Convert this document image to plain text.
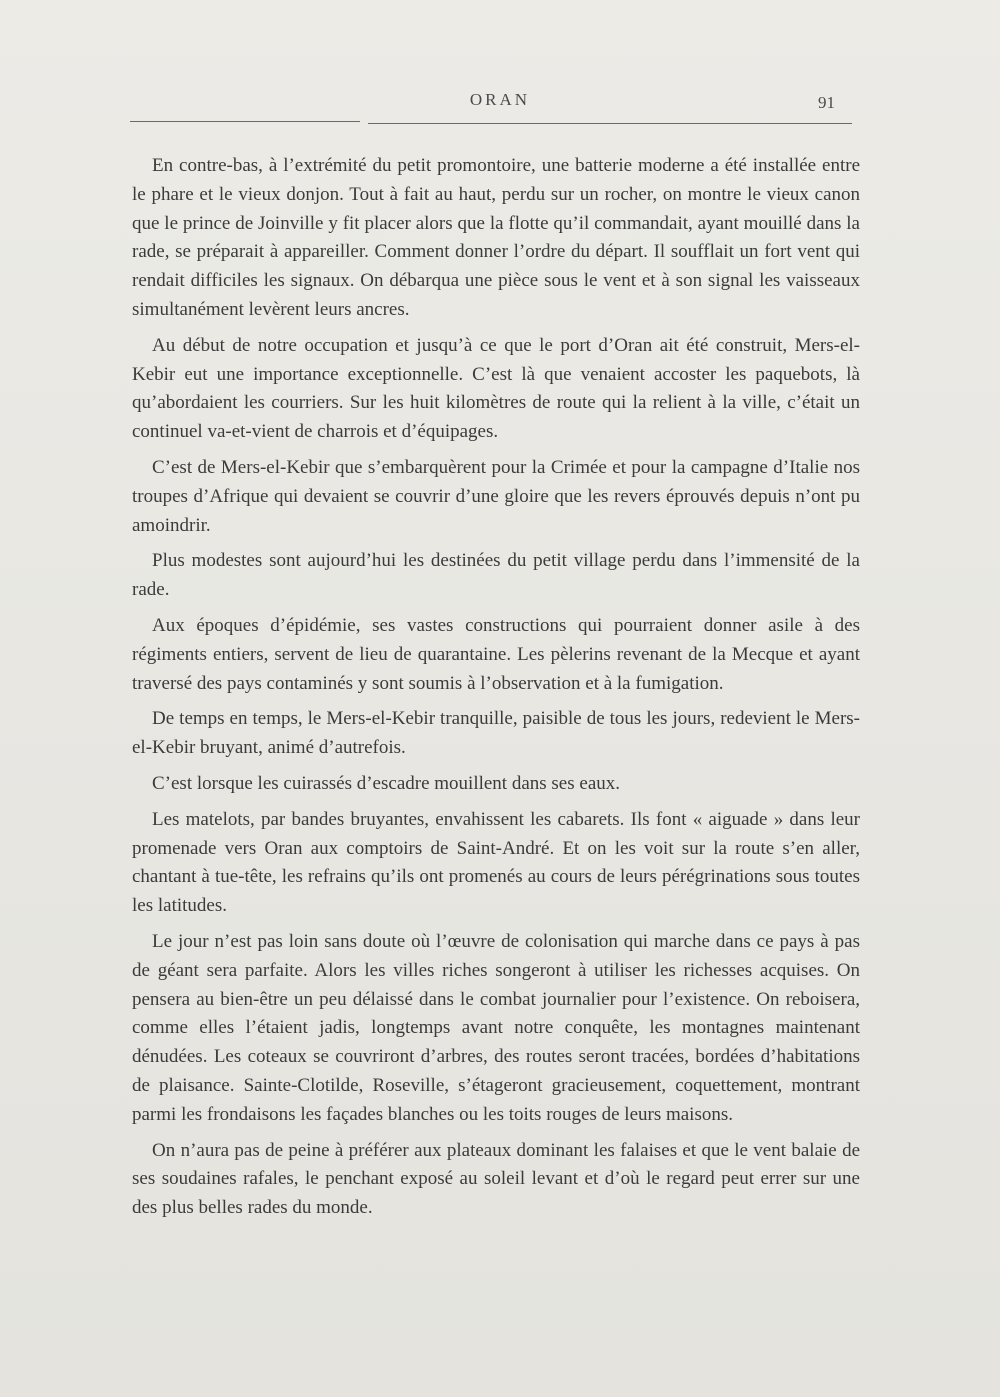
ORAN	91

En contre-bas, à l’extrémité du petit promontoire, une batterie moderne a été installée entre le phare et le vieux donjon. Tout à fait au haut, perdu sur un rocher, on montre le vieux canon que le prince de Joinville y fit placer alors que la flotte qu’il commandait, ayant mouillé dans la rade, se préparait à appareiller. Comment donner l’ordre du départ. Il soufflait un fort vent qui rendait difficiles les signaux. On débarqua une pièce sous le vent et à son signal les vaisseaux simultanément levèrent leurs ancres.

Au début de notre occupation et jusqu’à ce que le port d’Oran ait été construit, Mers-el-Kebir eut une importance exceptionnelle. C’est là que venaient accoster les paquebots, là qu’abordaient les courriers. Sur les huit kilomètres de route qui la relient à la ville, c’était un continuel va-et-vient de charrois et d’équipages.

C’est de Mers-el-Kebir que s’embarquèrent pour la Crimée et pour la campagne d’Italie nos troupes d’Afrique qui devaient se couvrir d’une gloire que les revers éprouvés depuis n’ont pu amoindrir.

Plus modestes sont aujourd’hui les destinées du petit village perdu dans l’immensité de la rade.

Aux époques d’épidémie, ses vastes constructions qui pourraient donner asile à des régiments entiers, servent de lieu de quarantaine. Les pèlerins revenant de la Mecque et ayant traversé des pays contaminés y sont soumis à l’observation et à la fumigation.

De temps en temps, le Mers-el-Kebir tranquille, paisible de tous les jours, redevient le Mers-el-Kebir bruyant, animé d’autrefois.

C’est lorsque les cuirassés d’escadre mouillent dans ses eaux.

Les matelots, par bandes bruyantes, envahissent les cabarets. Ils font « aiguade » dans leur promenade vers Oran aux comptoirs de Saint-André. Et on les voit sur la route s’en aller, chantant à tue-tête, les refrains qu’ils ont promenés au cours de leurs pérégrinations sous toutes les latitudes.

Le jour n’est pas loin sans doute où l’œuvre de colonisation qui marche dans ce pays à pas de géant sera parfaite. Alors les villes riches songeront à utiliser les richesses acquises. On pensera au bien-être un peu délaissé dans le combat journalier pour l’existence. On reboisera, comme elles l’étaient jadis, longtemps avant notre conquête, les montagnes maintenant dénudées. Les coteaux se couvriront d’arbres, des routes seront tracées, bordées d’habitations de plaisance. Sainte-Clotilde, Roseville, s’étageront gracieusement, coquettement, montrant parmi les frondaisons les façades blanches ou les toits rouges de leurs maisons.

On n’aura pas de peine à préférer aux plateaux dominant les falaises et que le vent balaie de ses soudaines rafales, le penchant exposé au soleil levant et d’où le regard peut errer sur une des plus belles rades du monde.
